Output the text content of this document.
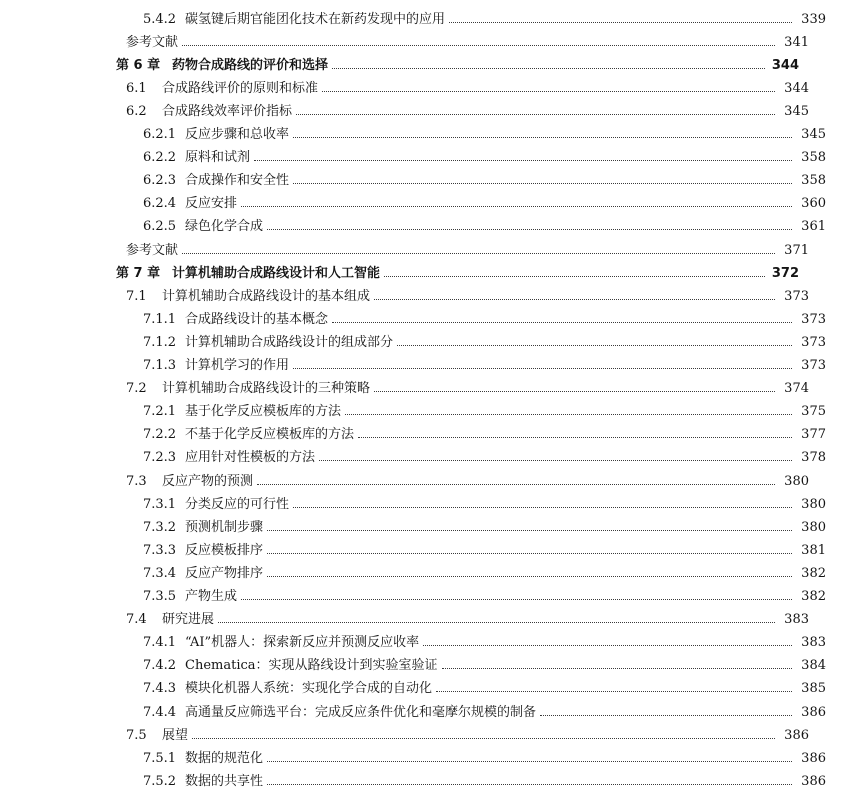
5.4.2 碳氢键后期官能团化技术在新药发现中的应用	339
参考文献	341
第 6 章 药物合成路线的评价和选择	344
6.1	合成路线评价的原则和标准	344
6.2	合成路线效率评价指标	345
6.2.1 反应步骤和总收率	345
6.2.2 原料和试剂	358
6.2.3 合成操作和安全性	358
6.2.4 反应安排	360
6.2.5 绿色化学合成	361
参考文献	371
第 7 章 计算机辅助合成路线设计和人工智能	372
7.1	计算机辅助合成路线设计的基本组成	373
7.1.1 合成路线设计的基本概念	373
7.1.2 计算机辅助合成路线设计的组成部分	373
7.1.3 计算机学习的作用	373
7.2	计算机辅助合成路线设计的三种策略	374
7.2.1 基于化学反应模板库的方法	375
7.2.2 不基于化学反应模板库的方法	377
7.2.3 应用针对性模板的方法	378
7.3	反应产物的预测	380
7.3.1 分类反应的可行性	380
7.3.2 预测机制步骤	380
7.3.3 反应模板排序	381
7.3.4 反应产物排序	382
7.3.5 产物生成	382
7.4	研究进展	383
7.4.1 “AI”机器人：探索新反应并预测反应收率	383
7.4.2 Chematica：实现从路线设计到实验室验证	384
7.4.3 模块化机器人系统：实现化学合成的自动化	385
7.4.4 高通量反应筛选平台：完成反应条件优化和毫摩尔规模的制备	386
7.5	展望	386
7.5.1 数据的规范化	386
7.5.2 数据的共享性	386
